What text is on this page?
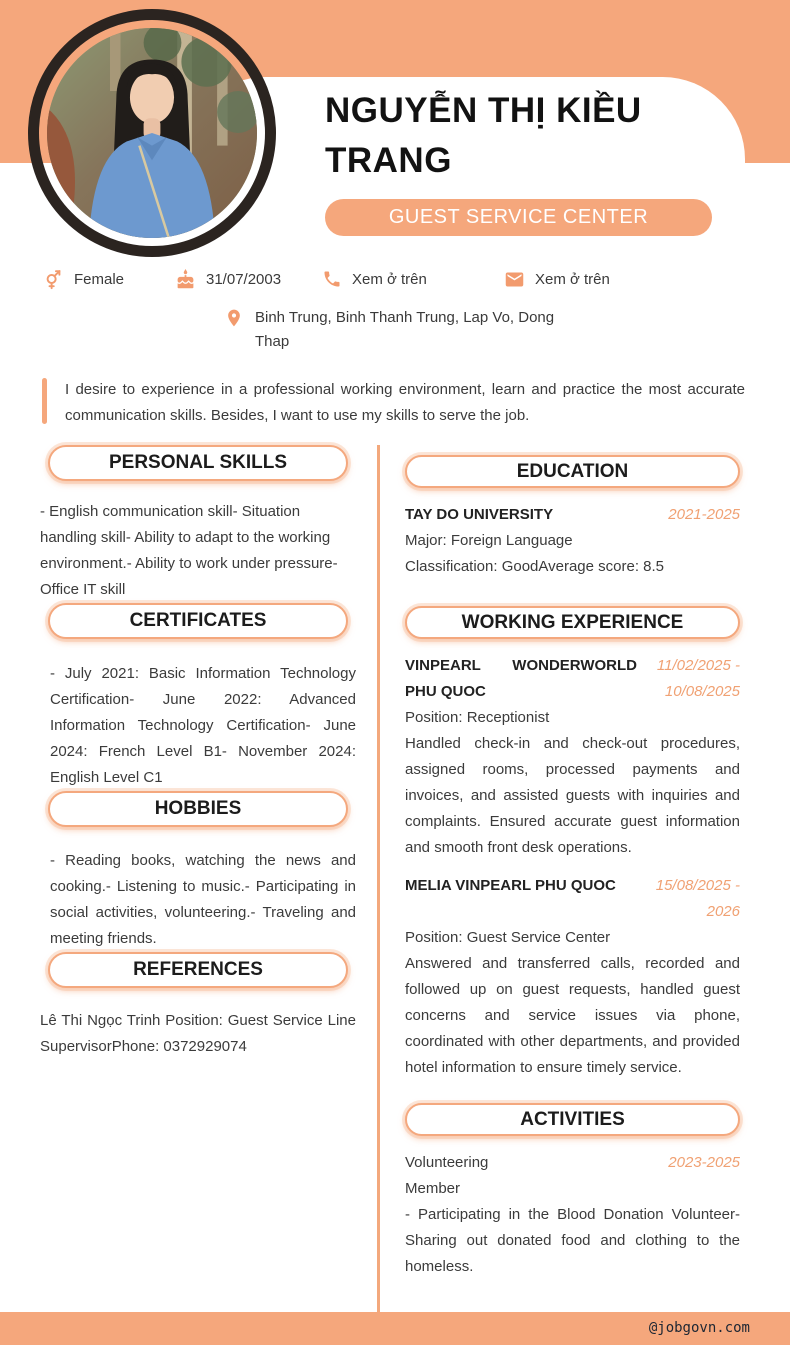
NGUYỄN THỊ KIỀU TRANG
GUEST SERVICE CENTER
Female	31/07/2003	Xem ở trên	Xem ở trên
Binh Trung, Binh Thanh Trung, Lap Vo, Dong Thap

I desire to experience in a professional working environment, learn and practice the most accurate communication skills. Besides, I want to use my skills to serve the job.

PERSONAL SKILLS

- English communication skill- Situation handling skill- Ability to adapt to the working environment.- Ability to work under pressure- Office IT skill

CERTIFICATES

- July 2021: Basic Information Technology Certification- June 2022: Advanced Information Technology Certification- June 2024: French Level B1- November 2024: English Level C1

HOBBIES

- Reading books, watching the news and cooking.- Listening to music.- Participating in social activities, volunteering.- Traveling and meeting friends.

REFERENCES

Lê Thi Ngọc Trinh Position: Guest Service Line SupervisorPhone: 0372929074

EDUCATION
TAY DO UNIVERSITY	2021-2025

Major: Foreign Language

Classification: GoodAverage score: 8.5

WORKING EXPERIENCE
VINPEARL WONDERWORLD PHU QUOC
11/02/2025 - 10/08/2025

Position: Receptionist

Handled check-in and check-out procedures, assigned rooms, processed payments and invoices, and assisted guests with inquiries and complaints. Ensured accurate guest information and smooth front desk operations.

MELIA VINPEARL PHU QUOC	15/08/2025 - 2026

Position: Guest Service Center

Answered and transferred calls, recorded and followed up on guest requests, handled guest concerns and service issues via phone, coordinated with other departments, and provided hotel information to ensure timely service.

ACTIVITIES
Volunteering	2023-2025

Member

- Participating in the Blood Donation Volunteer-Sharing out donated food and clothing to the homeless.

@jobgovn.com
